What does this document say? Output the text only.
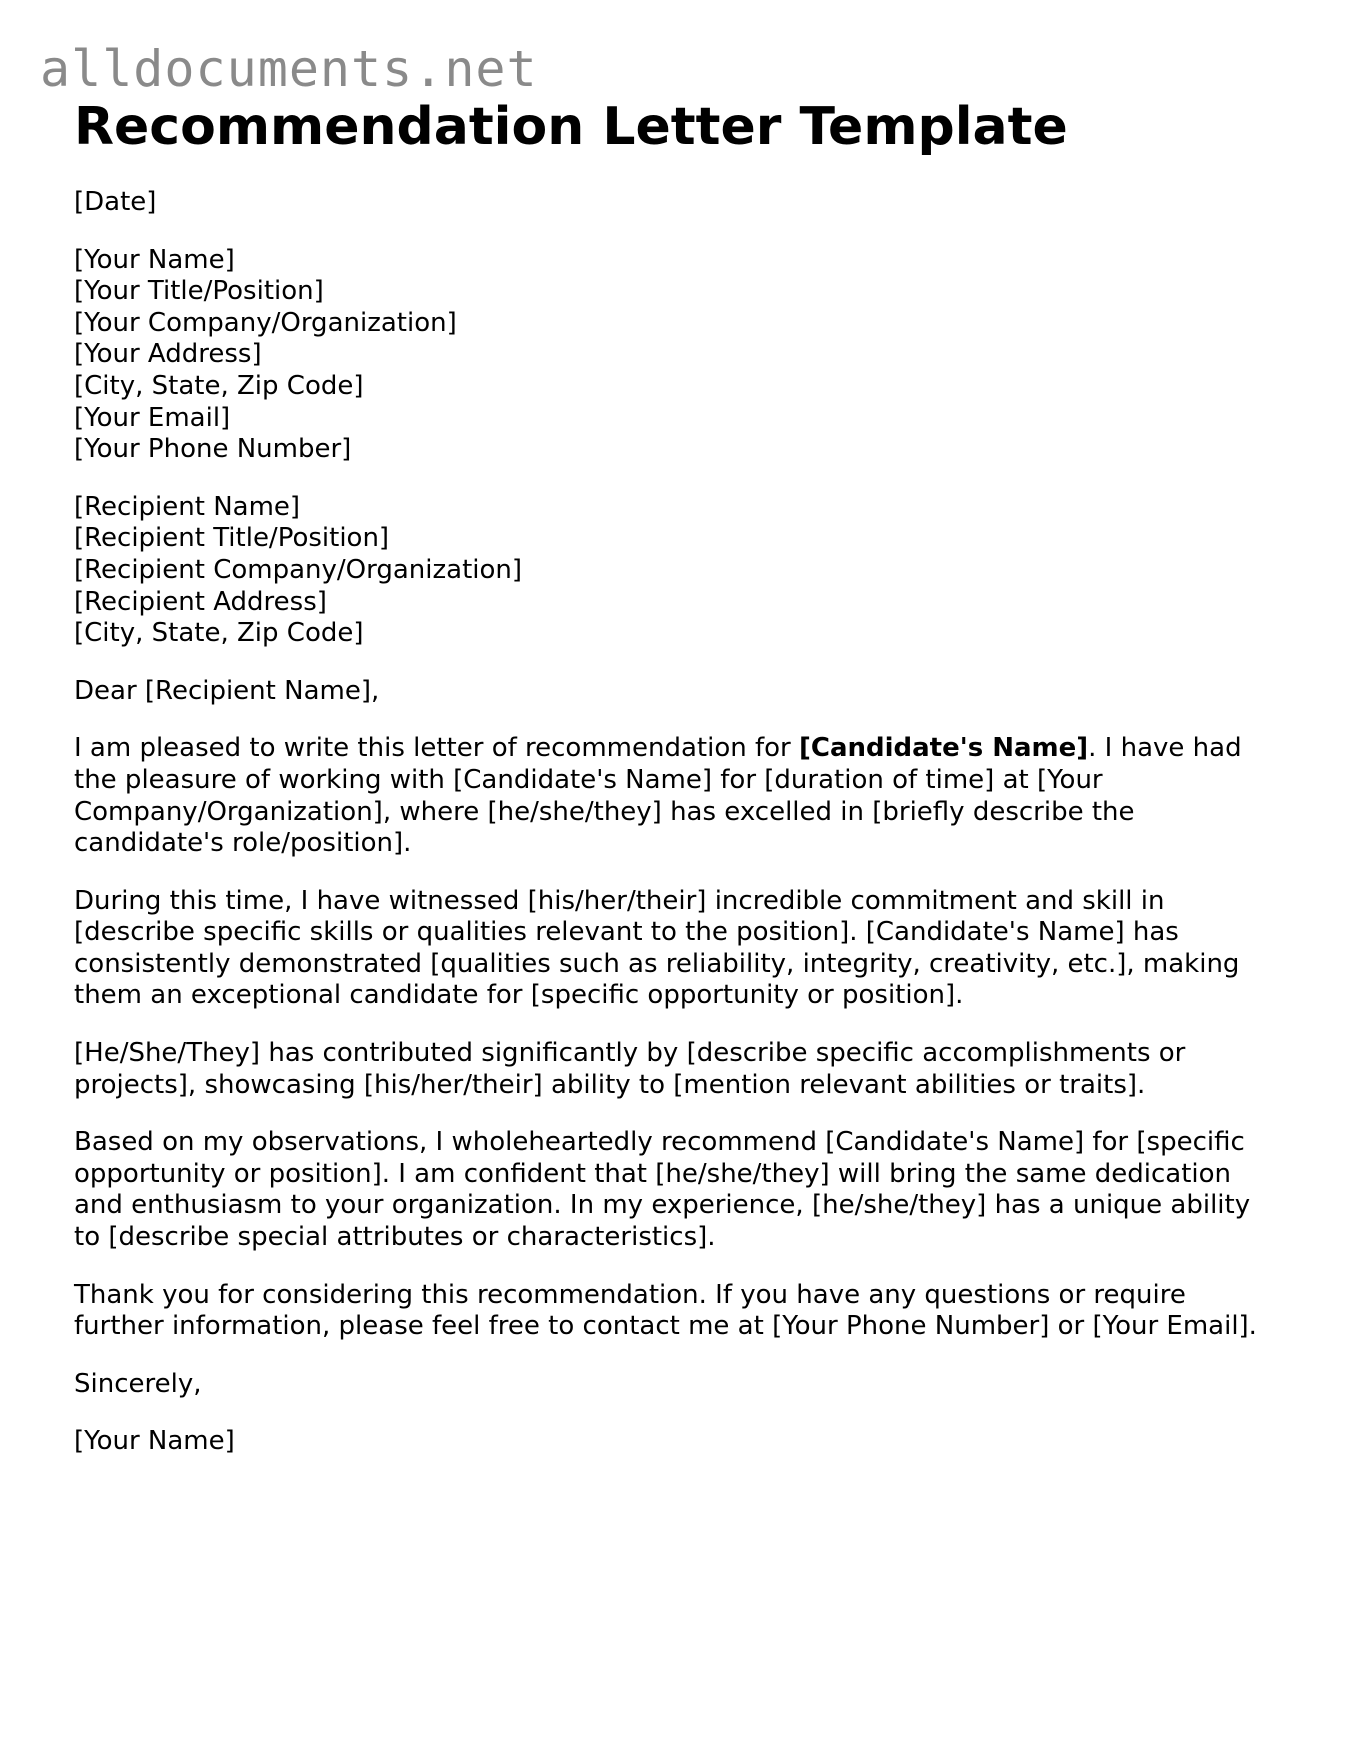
alldocuments.net
Recommendation Letter Template
[Date]
[Your Name]
[Your Title/Position]
[Your Company/Organization]
[Your Address]
[City, State, Zip Code]
[Your Email]
[Your Phone Number]
[Recipient Name]
[Recipient Title/Position]
[Recipient Company/Organization]
[Recipient Address]
[City, State, Zip Code]
Dear [Recipient Name],
I am pleased to write this letter of recommendation for [Candidate's Name]. I have had the pleasure of working with [Candidate's Name] for [duration of time] at [Your Company/Organization], where [he/she/they] has excelled in [briefly describe the candidate's role/position].
During this time, I have witnessed [his/her/their] incredible commitment and skill in [describe specific skills or qualities relevant to the position]. [Candidate's Name] has consistently demonstrated [qualities such as reliability, integrity, creativity, etc.], making them an exceptional candidate for [specific opportunity or position].
[He/She/They] has contributed significantly by [describe specific accomplishments or projects], showcasing [his/her/their] ability to [mention relevant abilities or traits].
Based on my observations, I wholeheartedly recommend [Candidate's Name] for [specific opportunity or position]. I am confident that [he/she/they] will bring the same dedication and enthusiasm to your organization. In my experience, [he/she/they] has a unique ability to [describe special attributes or characteristics].
Thank you for considering this recommendation. If you have any questions or require further information, please feel free to contact me at [Your Phone Number] or [Your Email].
Sincerely,
[Your Name]
